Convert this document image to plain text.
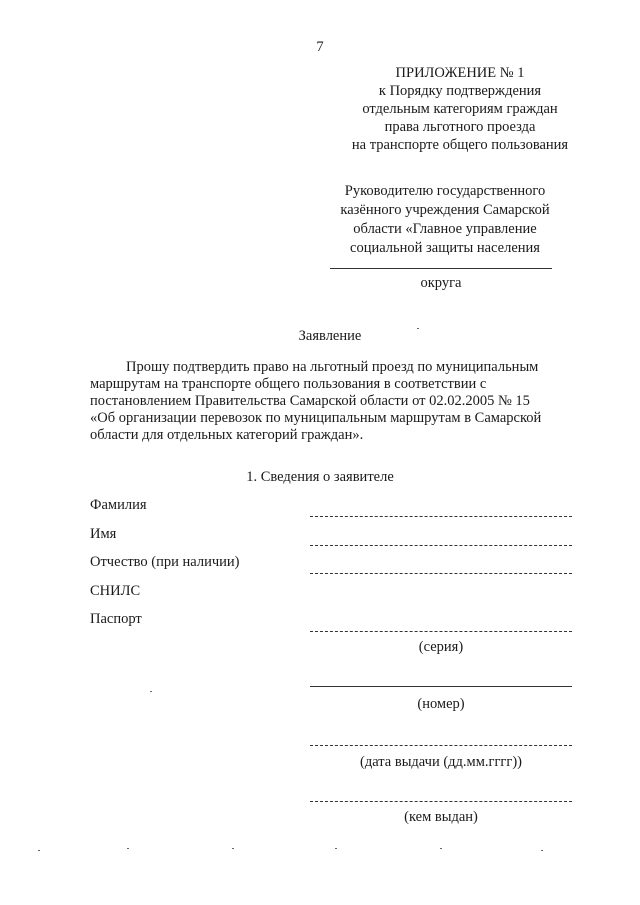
7
ПРИЛОЖЕНИЕ № 1
к Порядку подтверждения
отдельным категориям граждан
права льготного проезда
на транспорте общего пользования
Руководителю государственного
казённого учреждения Самарской
области «Главное управление
социальной защиты населения
округа
Заявление
Прошу подтвердить право на льготный проезд по муниципальным
маршрутам на транспорте общего пользования в соответствии с
постановлением Правительства Самарской области от 02.02.2005 № 15
«Об организации перевозок по муниципальным маршрутам в Самарской
области для отдельных категорий граждан».
1. Сведения о заявителе
Фамилия
Имя
Отчество (при наличии)
СНИЛС
Паспорт
(серия)
(номер)
(дата выдачи (дд.мм.гггг))
(кем выдан)
